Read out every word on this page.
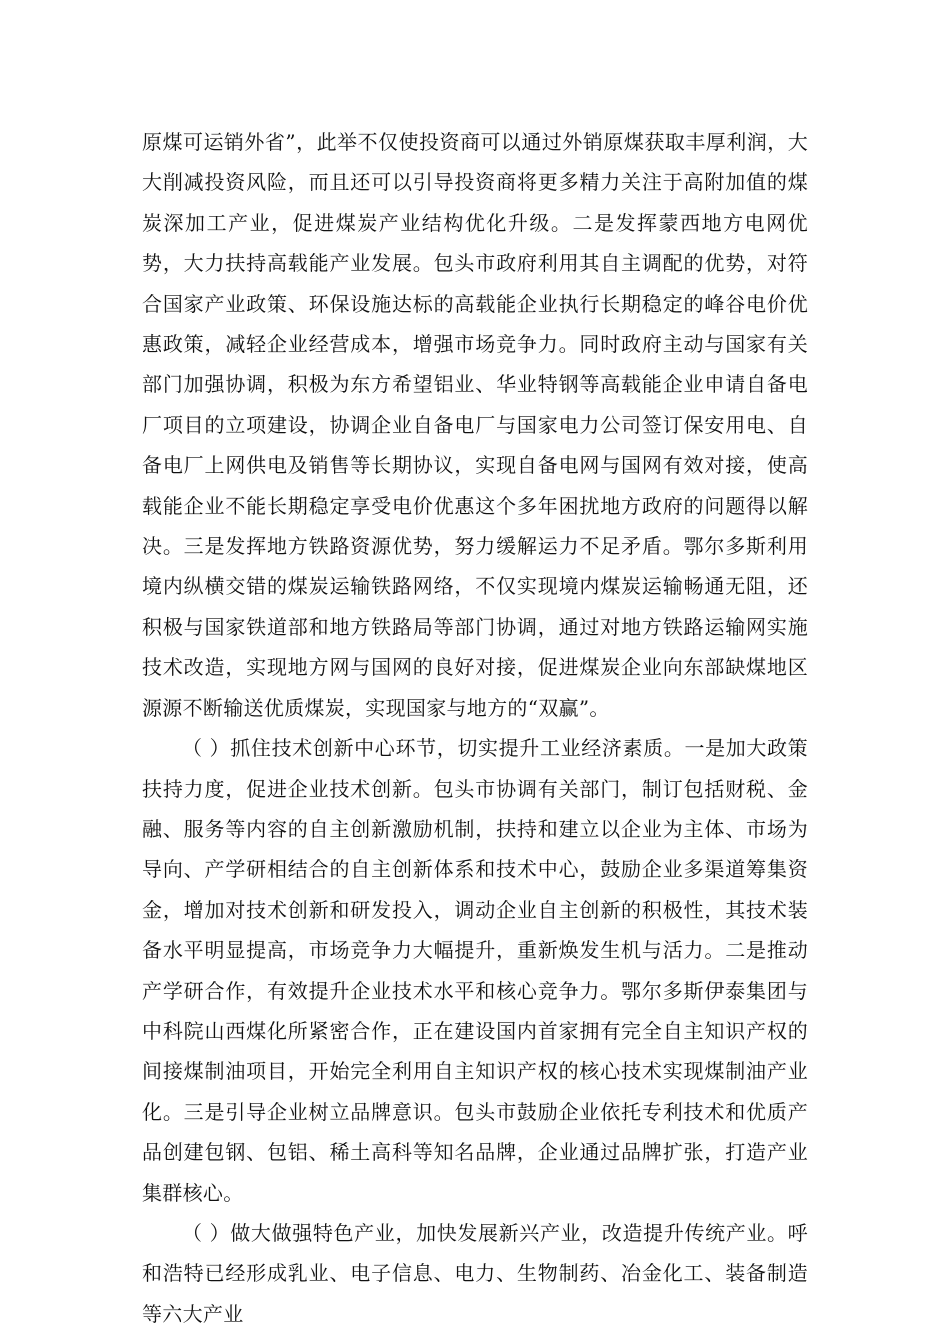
原煤可运销外省”，此举不仅使投资商可以通过外销原煤获取丰厚利润，大大削减投资风险，而且还可以引导投资商将更多精力关注于高附加值的煤炭深加工产业，促进煤炭产业结构优化升级。二是发挥蒙西地方电网优势，大力扶持高载能产业发展。包头市政府利用其自主调配的优势，对符合国家产业政策、环保设施达标的高载能企业执行长期稳定的峰谷电价优惠政策，减轻企业经营成本，增强市场竞争力。同时政府主动与国家有关部门加强协调，积极为东方希望铝业、华业特钢等高载能企业申请自备电厂项目的立项建设，协调企业自备电厂与国家电力公司签订保安用电、自备电厂上网供电及销售等长期协议，实现自备电网与国网有效对接，使高载能企业不能长期稳定享受电价优惠这个多年困扰地方政府的问题得以解决。三是发挥地方铁路资源优势，努力缓解运力不足矛盾。鄂尔多斯利用境内纵横交错的煤炭运输铁路网络，不仅实现境内煤炭运输畅通无阻，还积极与国家铁道部和地方铁路局等部门协调，通过对地方铁路运输网实施技术改造，实现地方网与国网的良好对接，促进煤炭企业向东部缺煤地区源源不断输送优质煤炭，实现国家与地方的“双赢”。

（ ）抓住技术创新中心环节，切实提升工业经济素质。一是加大政策扶持力度，促进企业技术创新。包头市协调有关部门，制订包括财税、金融、服务等内容的自主创新激励机制，扶持和建立以企业为主体、市场为导向、产学研相结合的自主创新体系和技术中心，鼓励企业多渠道筹集资金，增加对技术创新和研发投入，调动企业自主创新的积极性，其技术装备水平明显提高，市场竞争力大幅提升，重新焕发生机与活力。二是推动产学研合作，有效提升企业技术水平和核心竞争力。鄂尔多斯伊泰集团与中科院山西煤化所紧密合作，正在建设国内首家拥有完全自主知识产权的间接煤制油项目，开始完全利用自主知识产权的核心技术实现煤制油产业化。三是引导企业树立品牌意识。包头市鼓励企业依托专利技术和优质产品创建包钢、包铝、稀土高科等知名品牌，企业通过品牌扩张，打造产业集群核心。

（ ）做大做强特色产业，加快发展新兴产业，改造提升传统产业。呼和浩特已经形成乳业、电子信息、电力、生物制药、冶金化工、装备制造等六大产业
